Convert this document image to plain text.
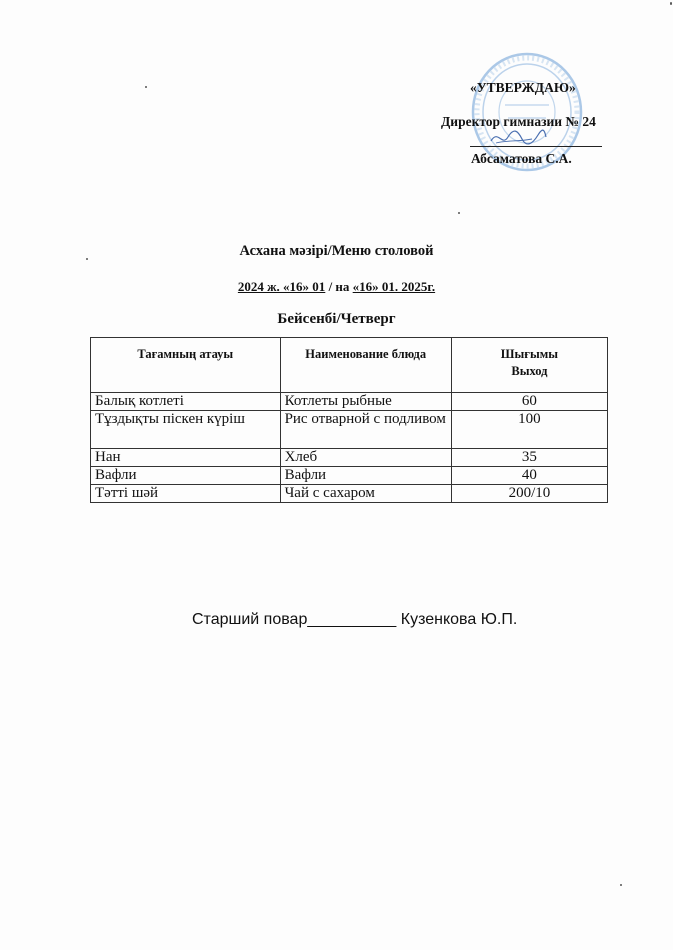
«УТВЕРЖДАЮ»
Директор гимназии № 24
Абсаматова С.А.
Асхана мәзірі/Меню столовой
2024 ж. «16» 01 / на «16» 01. 2025г.
Бейсенбі/Четверг
Тағамның атауы	Наименование блюда	Шығымы
Выход
Балық котлеті	Котлеты рыбные	60
Тұздықты піскен күріш	Рис отварной с подливом	100
Нан	Хлеб	35
Вафли	Вафли	40
Тәтті шәй	Чай с сахаром	200/10
Старший повар__________ Кузенкова Ю.П.
